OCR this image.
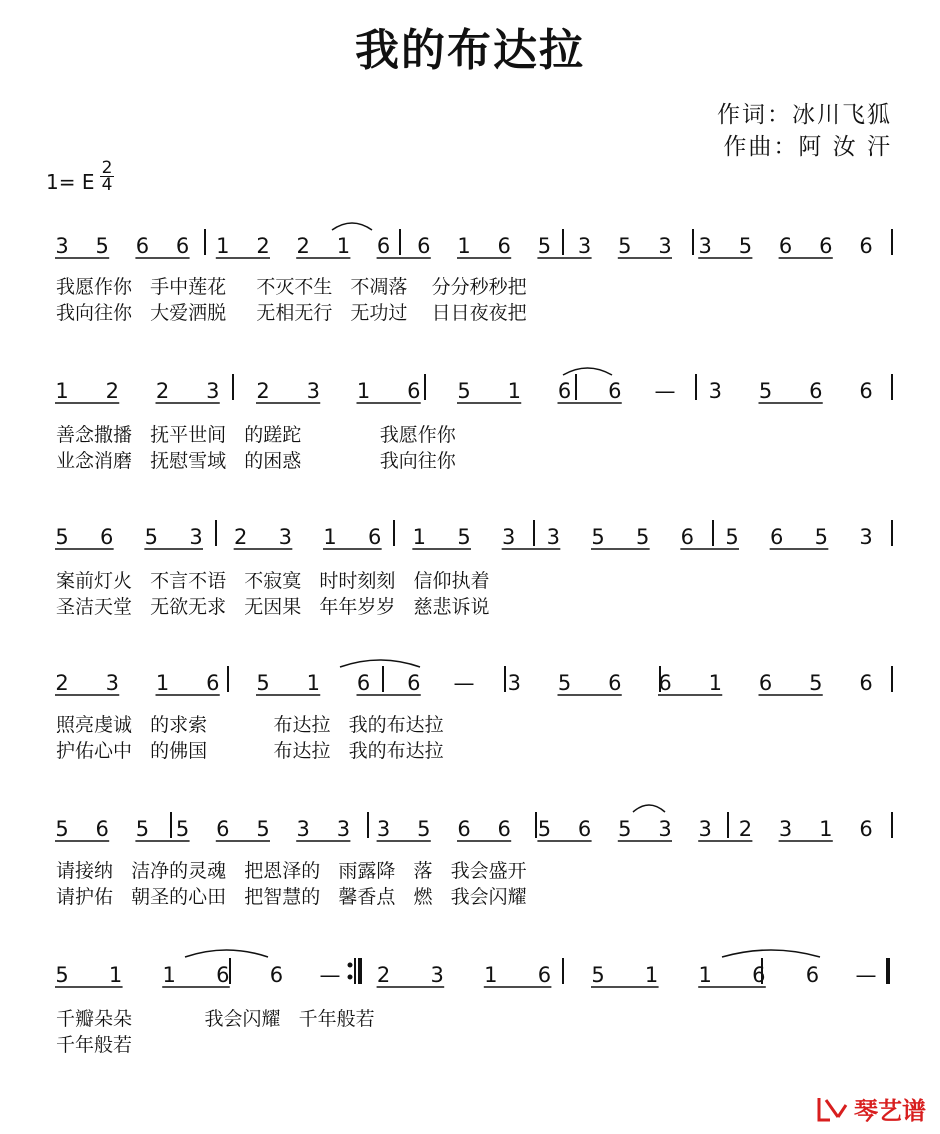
我的布达拉
作词：冰川飞狐
作曲：阿 汝 汗
1= E
2
4
3 5 6 6 1 2 2 1 6 6 1 6 5 3 5 3 3 5 6 6 6
1 2 2 3 2 3 1 6 5 1 6 6 — 3 5 6 6
5 6 5 3 2 3 1 6 1 5 3 3 5 5 6 5 6 5 3
2 3 1 6 5 1 6 6 — 3 5 6 6 1 6 5 6
5 6 5 5 6 5 3 3 3 5 6 6 5 6 5 3 3 2 3 1 6
5 1 1 6 6 — 2 3 1 6 5 1 1 6 6 —
我愿作你   手中莲花     不灭不生   不凋落    分分秒秒把
我向往你   大爱洒脱     无相无行   无功过    日日夜夜把
善念撒播   抚平世间   的蹉跎             我愿作你
业念消磨   抚慰雪域   的困惑             我向往你
案前灯火   不言不语   不寂寞   时时刻刻   信仰执着
圣洁天堂   无欲无求   无因果   年年岁岁   慈悲诉说
照亮虔诚   的求索           布达拉   我的布达拉
护佑心中   的佛国           布达拉   我的布达拉
请接纳   洁净的灵魂   把恩泽的   雨露降   落   我会盛开
请护佑   朝圣的心田   把智慧的   馨香点   燃   我会闪耀
千瓣朵朵            我会闪耀   千年般若
千年般若
琴艺谱
